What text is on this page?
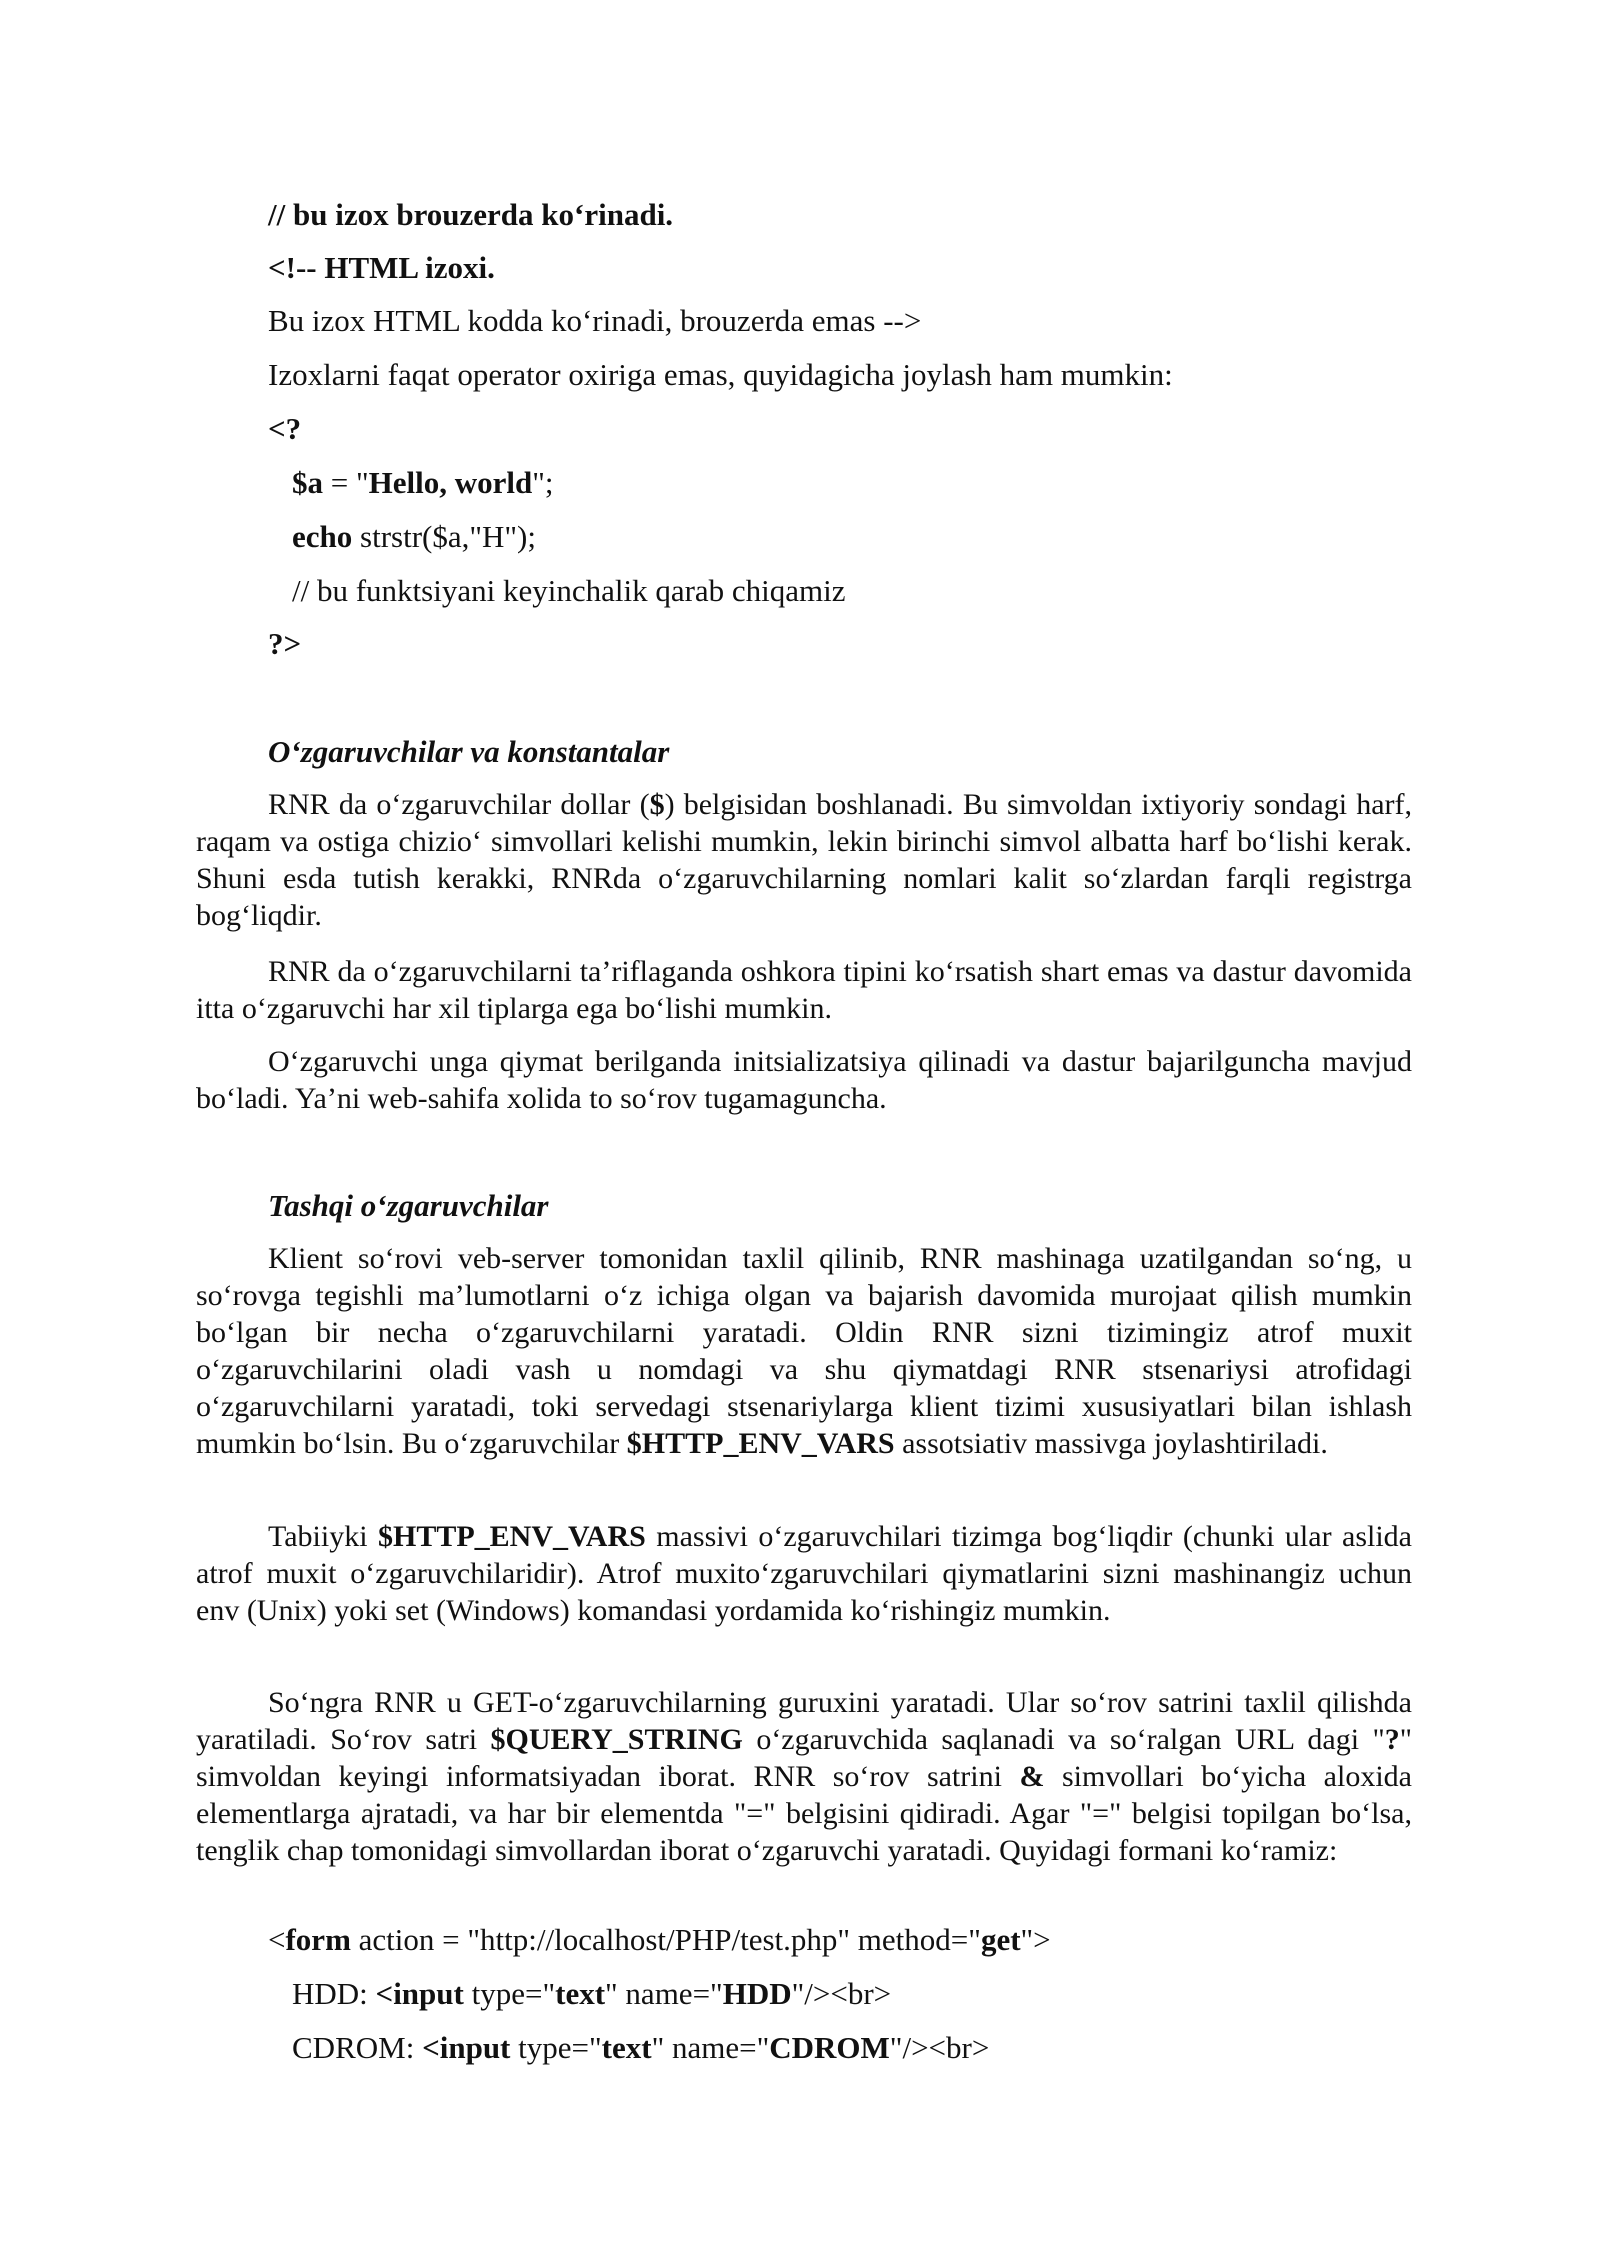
// bu izox brouzerda ko‘rinadi.

<!-- HTML izoxi.

Bu izox HTML kodda ko‘rinadi, brouzerda emas -->

Izoxlarni faqat operator oxiriga emas, quyidagicha joylash ham mumkin:

<?

$a = "Hello, world";

echo strstr($a,"H");

// bu funktsiyani keyinchalik qarab chiqamiz

?>

O‘zgaruvchilar va konstantalar

RNR da o‘zgaruvchilar dollar ($) belgisidan boshlanadi. Bu simvoldan ixtiyoriy sondagi harf, raqam va ostiga chizio‘ simvollari kelishi mumkin, lekin birinchi simvol albatta harf bo‘lishi kerak. Shuni esda tutish kerakki, RNRda o‘zgaruvchilarning nomlari kalit so‘zlardan farqli registrga bog‘liqdir.

RNR da o‘zgaruvchilarni ta’riflaganda oshkora tipini ko‘rsatish shart emas va dastur davomida itta o‘zgaruvchi har xil tiplarga ega bo‘lishi mumkin.

O‘zgaruvchi unga qiymat berilganda initsializatsiya qilinadi va dastur bajarilguncha mavjud bo‘ladi. Ya’ni web-sahifa xolida to so‘rov tugamaguncha.

Tashqi o‘zgaruvchilar

Klient so‘rovi veb-server tomonidan taxlil qilinib, RNR mashinaga uzatilgandan so‘ng, u so‘rovga tegishli ma’lumotlarni o‘z ichiga olgan va bajarish davomida murojaat qilish mumkin bo‘lgan bir necha o‘zgaruvchilarni yaratadi. Oldin RNR sizni tizimingiz atrof muxit o‘zgaruvchilarini oladi vash u nomdagi va shu qiymatdagi RNR stsenariysi atrofidagi o‘zgaruvchilarni yaratadi, toki servedagi stsenariylarga klient tizimi xususiyatlari bilan ishlash mumkin bo‘lsin. Bu o‘zgaruvchilar $HTTP_ENV_VARS assotsiativ massivga joylashtiriladi.

Tabiiyki $HTTP_ENV_VARS massivi o‘zgaruvchilari tizimga bog‘liqdir (chunki ular aslida atrof muxit o‘zgaruvchilaridir). Atrof muxito‘zgaruvchilari qiymatlarini sizni mashinangiz uchun env (Unix) yoki set (Windows) komandasi yordamida ko‘rishingiz mumkin.

So‘ngra RNR u GET-o‘zgaruvchilarning guruxini yaratadi. Ular so‘rov satrini taxlil qilishda yaratiladi. So‘rov satri $QUERY_STRING o‘zgaruvchida saqlanadi va so‘ralgan URL dagi "?" simvoldan keyingi informatsiyadan iborat. RNR so‘rov satrini & simvollari bo‘yicha aloxida elementlarga ajratadi, va har bir elementda "=" belgisini qidiradi. Agar "=" belgisi topilgan bo‘lsa, tenglik chap tomonidagi simvollardan iborat o‘zgaruvchi yaratadi. Quyidagi formani ko‘ramiz:

<form action = "http://localhost/PHP/test.php" method="get">

HDD: <input type="text" name="HDD"/><br>

CDROM: <input type="text" name="CDROM"/><br>
